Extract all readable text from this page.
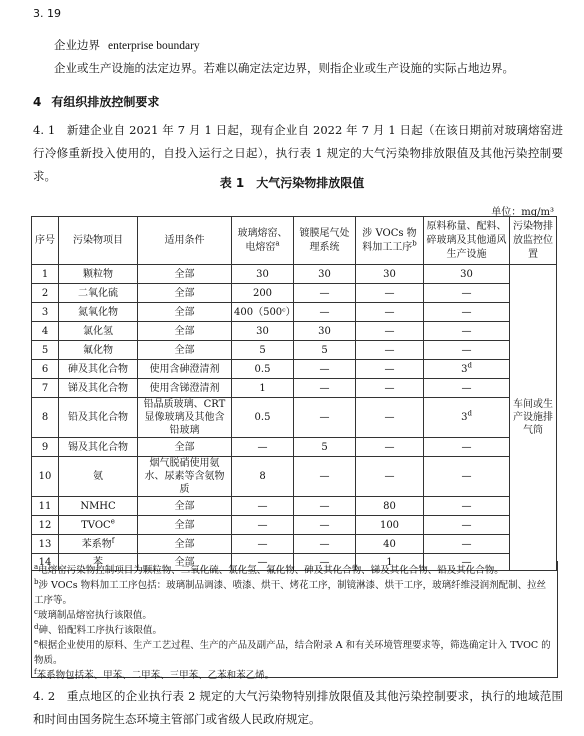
3. 19
企业边界 enterprise boundary
企业或生产设施的法定边界。若难以确定法定边界，则指企业或生产设施的实际占地边界。
4 有组织排放控制要求
4. 1  新建企业自 2021 年 7 月 1 日起，现有企业自 2022 年 7 月 1 日起（在该日期前对玻璃熔窑进行冷修重新投入使用的，自投入运行之日起），执行表 1 规定的大气污染物排放限值及其他污染控制要求。	表 1 大气污染物排放限值
单位：mg/m³
序号	污染物项目	适用条件	玻璃熔窑、电熔窑$^a$	镀膜尾气处理系统	涉 VOCs 物料加工工序$^b$	原料称量、配料、碎玻璃及其他通风生产设施	污染物排放监控位置
1	颗粒物	全部	30	30	30	30	车间或生产设施排气筒
2	二氧化硫	全部	200	—	—	—	
3	氮氧化物	全部	400（500ᶜ）	—	—	—	
4	氯化氢	全部	30	30	—	—	
5	氟化物	全部	5	5	—	—	
6	砷及其化合物	使用含砷澄清剂	0.5	—	—	3$^d$
7	锑及其化合物	使用含锑澄清剂	1	—	—	—	
8	铅及其化合物	铅晶质玻璃、CRT显像玻璃及其他含铅玻璃	0.5	—	—	3$^d$
9	锡及其化合物	全部	—	5	—	—	
10	氨	烟气脱硝使用氨水、尿素等含氨物质	8	—	—	—	
11	NMHC	全部	—	—	80	—	
12	TVOC$^e$	全部	—	—	100	—	
13	苯系物$^f$	全部	—	—	40	—	
14	苯	全部	—	—	1	—	
$^a$电熔窑污染物控制项目为颗粒物、二氧化硫、氯化氢、氟化物、砷及其化合物、锑及其化合物、铅及其化合物。
$^b$涉 VOCs 物料加工工序包括：玻璃制品调漆、喷漆、烘干、烤花工序，制镜淋漆、烘干工序，玻璃纤维浸润剂配制、拉丝工序等。
$^c$玻璃制品熔窑执行该限值。
$^d$砷、铅配料工序执行该限值。
$^e$根据企业使用的原料、生产工艺过程、生产的产品及副产品，结合附录 A 和有关环境管理要求等，筛选确定计入 TVOC 的物质。
$^f$苯系物包括苯、甲苯、二甲苯、三甲苯、乙苯和苯乙烯。
4. 2  重点地区的企业执行表 2 规定的大气污染物特别排放限值及其他污染控制要求，执行的地域范围和时间由国务院生态环境主管部门或省级人民政府规定。
